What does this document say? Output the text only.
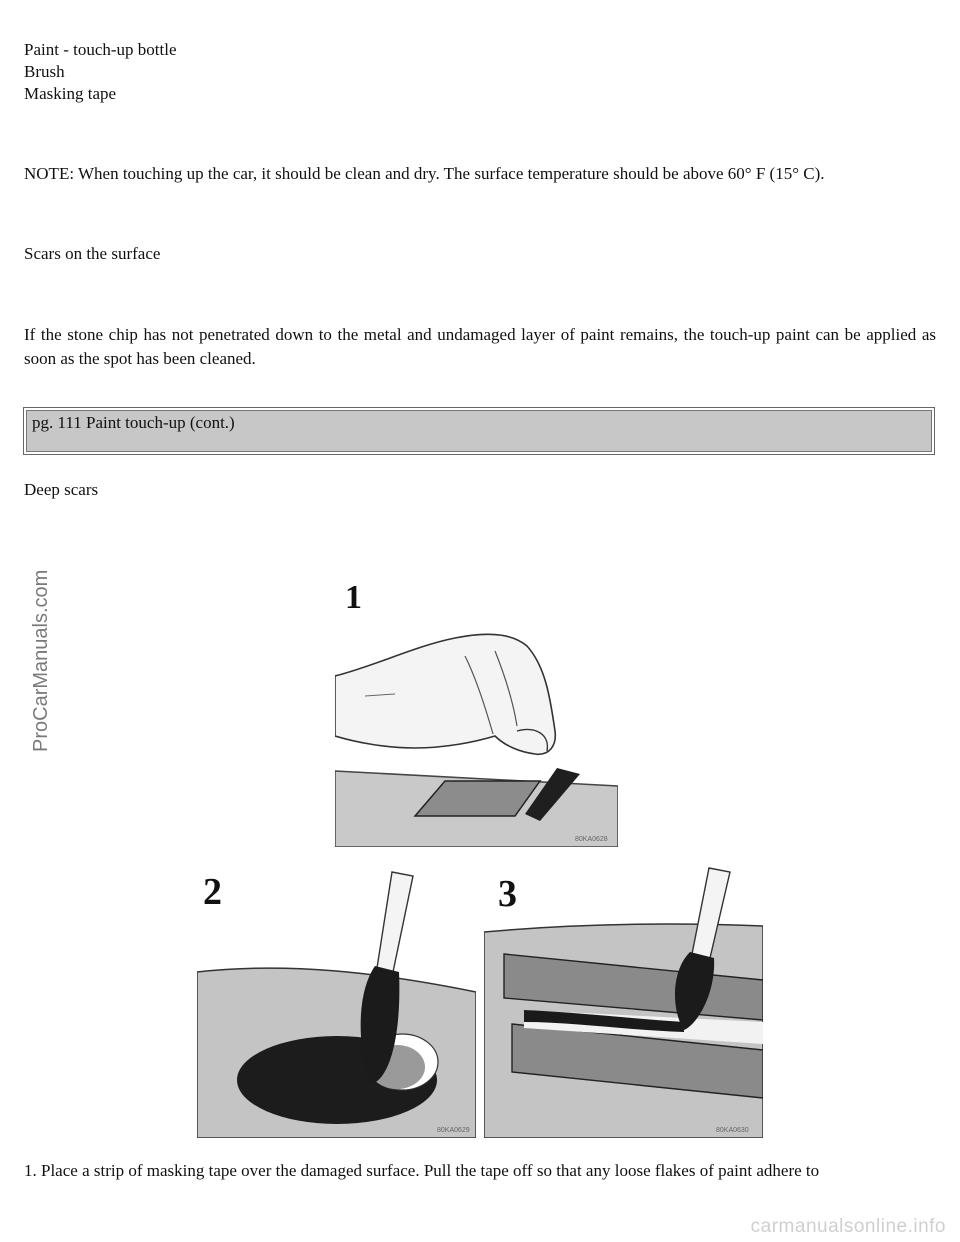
Paint - touch-up bottle
Brush
Masking tape
NOTE: When touching up the car, it should be clean and dry. The surface temperature should be above 60° F (15° C).
Scars on the surface
If the stone chip has not penetrated down to the metal and undamaged layer of paint remains, the touch-up paint can be applied as soon as the spot has been cleaned.
pg. 111 Paint touch-up (cont.)
Deep scars
ProCarManuals.com	1
80KA0628
2
80KA0629
3
80KA0630
1. Place a strip of masking tape over the damaged surface. Pull the tape off so that any loose flakes of paint adhere to
carmanualsonline.info
